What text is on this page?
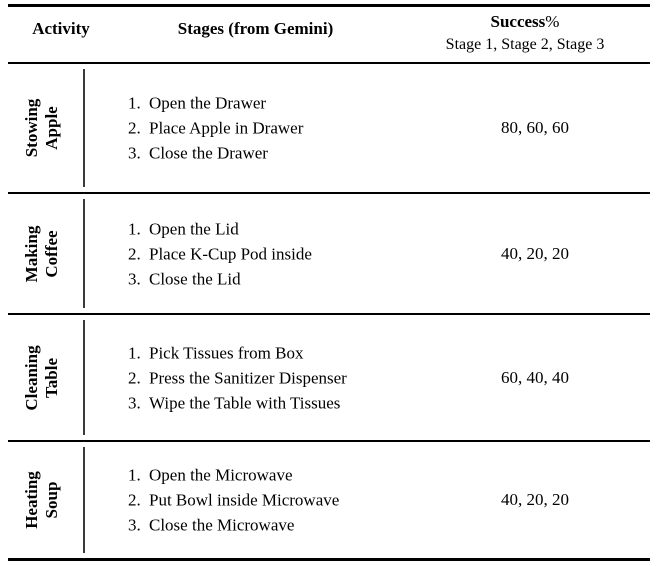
Activity	Stages (from Gemini)	Success%
Stage 1, Stage 2, Stage 3
Stowing Apple
1. Open the Drawer
2. Place Apple in Drawer
3. Close the Drawer
80, 60, 60
Making Coffee
1. Open the Lid
2. Place K-Cup Pod inside
3. Close the Lid
40, 20, 20
Cleaning Table
1. Pick Tissues from Box
2. Press the Sanitizer Dispenser
3. Wipe the Table with Tissues
60, 40, 40
Heating Soup
1. Open the Microwave
2. Put Bowl inside Microwave
3. Close the Microwave
40, 20, 20
